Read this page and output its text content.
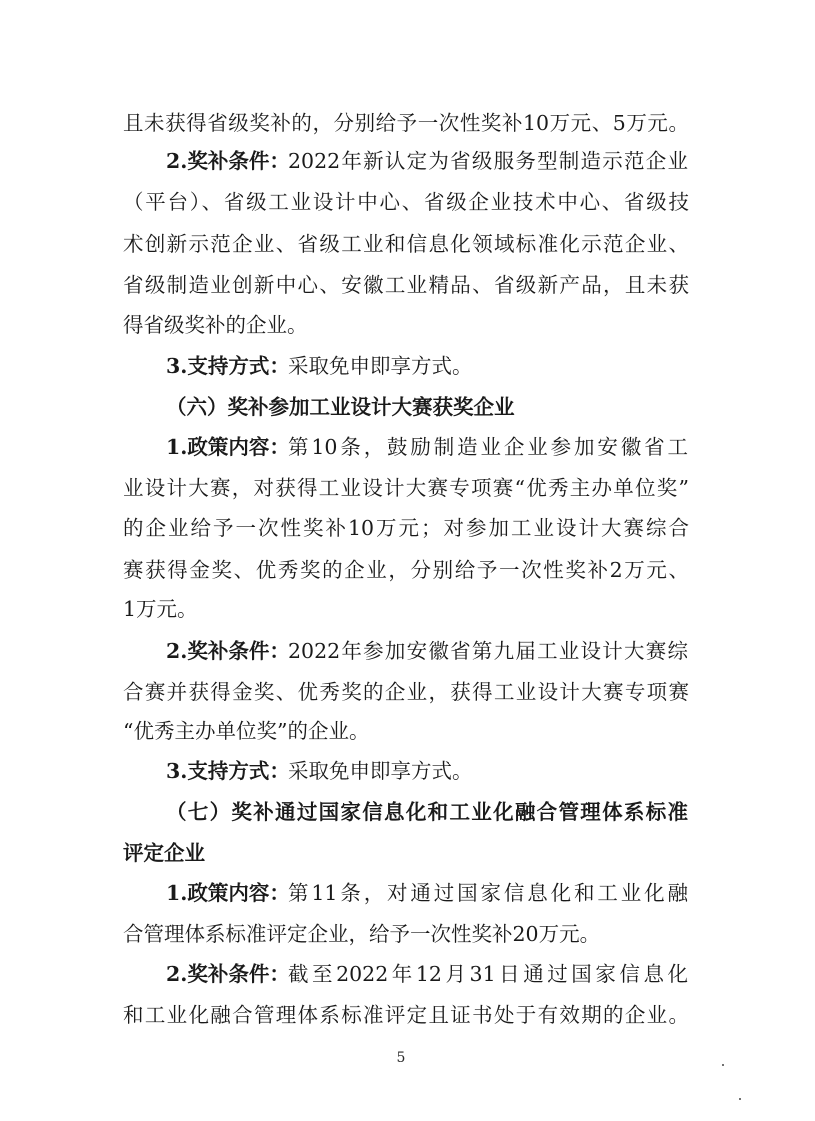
且未获得省级奖补的，分别给予一次性奖补10万元、5万元。
2.奖补条件：
2022年新认定为省级服务型制造示范企业
（平台）、省级工业设计中心、省级企业技术中心、省级技
术创新示范企业、省级工业和信息化领域标准化示范企业、
省级制造业创新中心、安徽工业精品、省级新产品，且未获
得省级奖补的企业。
3.支持方式：
采取免申即享方式。
（六）奖补参加工业设计大赛获奖企业
1.政策内容：
第10条，鼓励制造业企业参加安徽省工
业设计大赛，对获得工业设计大赛专项赛“优秀主办单位奖”
的企业给予一次性奖补10万元；对参加工业设计大赛综合
赛获得金奖、优秀奖的企业，分别给予一次性奖补2万元、
1万元。
2.奖补条件：
2022年参加安徽省第九届工业设计大赛综
合赛并获得金奖、优秀奖的企业，获得工业设计大赛专项赛
“优秀主办单位奖”的企业。
3.支持方式：
采取免申即享方式。
（七）奖补通过国家信息化和工业化融合管理体系标准
评定企业
1.政策内容：
第11条，对通过国家信息化和工业化融
合管理体系标准评定企业，给予一次性奖补20万元。
2.奖补条件：
截至2022年12月31日通过国家信息化
和工业化融合管理体系标准评定且证书处于有效期的企业。
5
